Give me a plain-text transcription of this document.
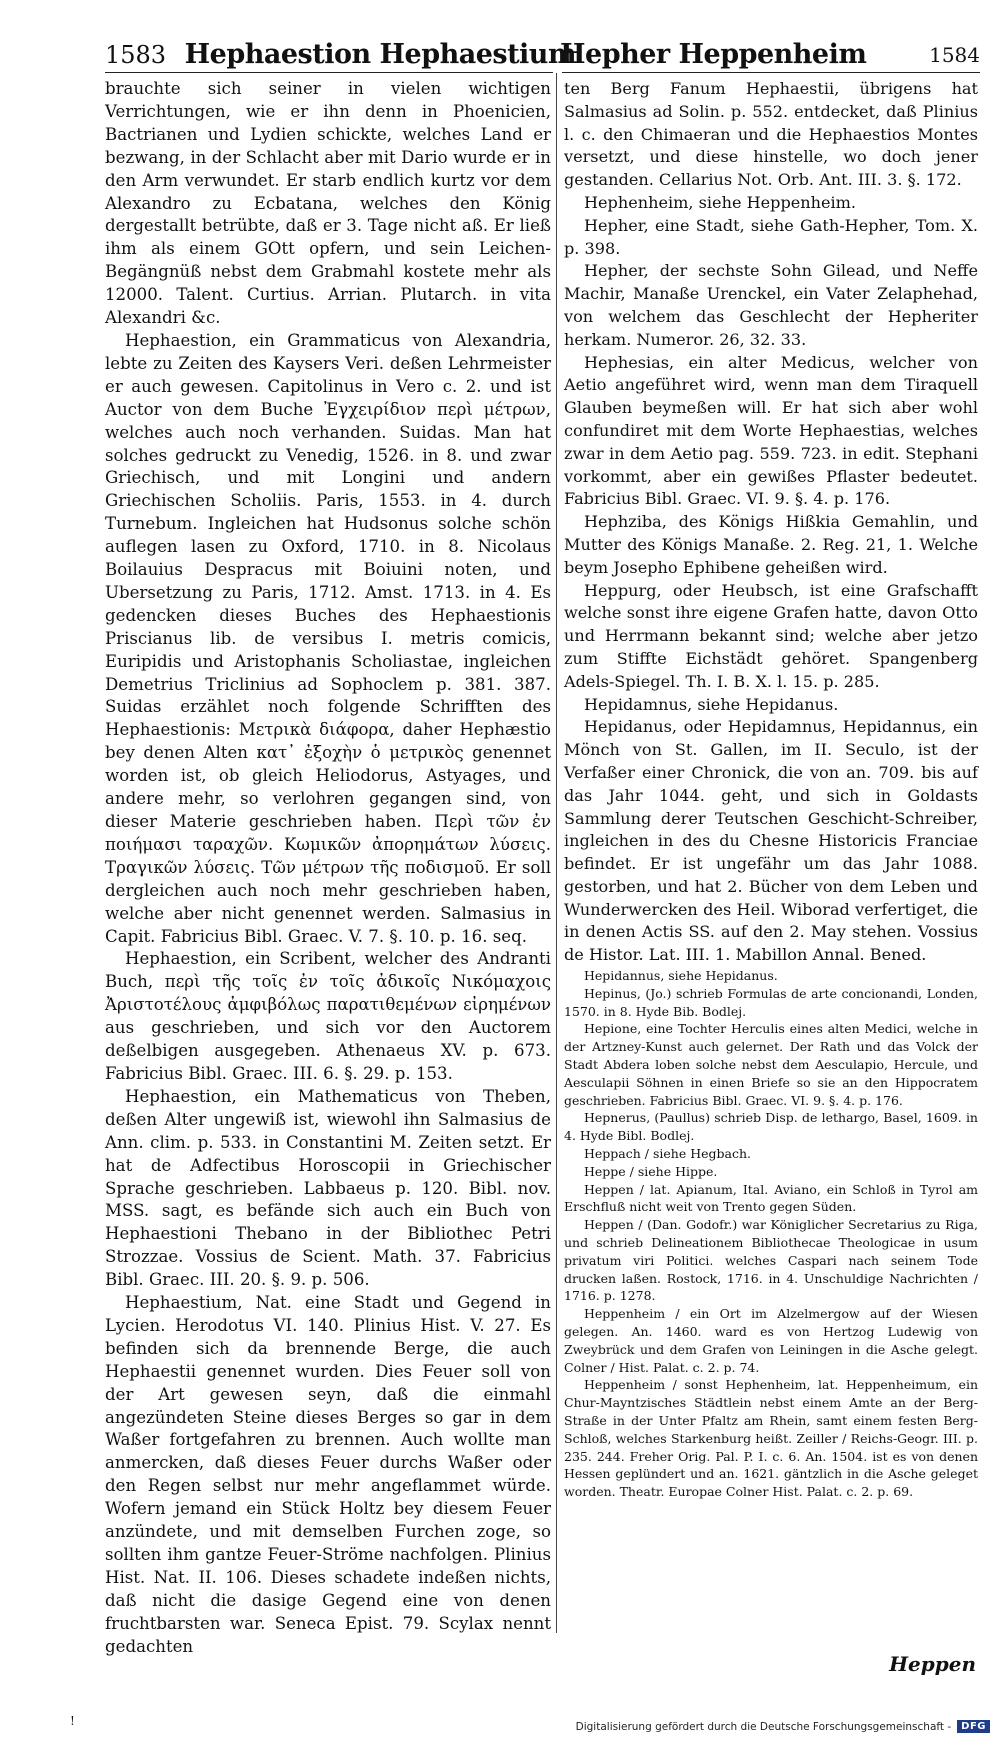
1583 Hephaestion Hephaestium
Hepher Heppenheim	1584

brauchte sich seiner in vielen wichtigen Verrichtungen, wie er ihn denn in Phoenicien, Bactrianen und Lydien schickte, welches Land er bezwang, in der Schlacht aber mit Dario wurde er in den Arm verwundet. Er starb endlich kurtz vor dem Alexandro zu Ecbatana, welches den König dergestallt betrübte, daß er 3. Tage nicht aß. Er ließ ihm als einem GOtt opfern, und sein Leichen-Begängnüß nebst dem Grabmahl kostete mehr als 12000. Talent. Curtius. Arrian. Plutarch. in vita Alexandri &c.

Hephaestion, ein Grammaticus von Alexandria, lebte zu Zeiten des Kaysers Veri. deßen Lehrmeister er auch gewesen. Capitolinus in Vero c. 2. und ist Auctor von dem Buche Ἐγχειρίδιον περὶ μέτρων, welches auch noch verhanden. Suidas. Man hat solches gedruckt zu Venedig, 1526. in 8. und zwar Griechisch, und mit Longini und andern Griechischen Scholiis. Paris, 1553. in 4. durch Turnebum. Ingleichen hat Hudsonus solche schön auflegen lasen zu Oxford, 1710. in 8. Nicolaus Boilauius Despracus mit Boiuini noten, und Ubersetzung zu Paris, 1712. Amst. 1713. in 4. Es gedencken dieses Buches des Hephaestionis Priscianus lib. de versibus I. metris comicis, Euripidis und Aristophanis Scholiastae, ingleichen Demetrius Triclinius ad Sophoclem p. 381. 387. Suidas erzählet noch folgende Schrifften des Hephaestionis: Μετρικὰ διάφορα, daher Hephæstio bey denen Alten κατ᾽ ἐξοχὴν ὁ μετρικὸς genennet worden ist, ob gleich Heliodorus, Astyages, und andere mehr, so verlohren gegangen sind, von dieser Materie geschrieben haben. Περὶ τῶν ἐν ποιήμασι ταραχῶν. Κωμικῶν ἀπορημάτων λύσεις. Τραγικῶν λύσεις. Τῶν μέτρων τῆς ποδισμοῦ. Er soll dergleichen auch noch mehr geschrieben haben, welche aber nicht genennet werden. Salmasius in Capit. Fabricius Bibl. Graec. V. 7. §. 10. p. 16. seq.

Hephaestion, ein Scribent, welcher des Andranti Buch, περὶ τῆς τοῖς ἐν τοῖς ἀδικοῖς Νικόμαχοις Ἀριστοτέλους ἀμφιβόλως παρατιθεμένων εἰρημένων aus geschrieben, und sich vor den Auctorem deßelbigen ausgegeben. Athenaeus XV. p. 673. Fabricius Bibl. Graec. III. 6. §. 29. p. 153.

Hephaestion, ein Mathematicus von Theben, deßen Alter ungewiß ist, wiewohl ihn Salmasius de Ann. clim. p. 533. in Constantini M. Zeiten setzt. Er hat de Adfectibus Horoscopii in Griechischer Sprache geschrieben. Labbaeus p. 120. Bibl. nov. MSS. sagt, es befände sich auch ein Buch von Hephaestioni Thebano in der Bibliothec Petri Strozzae. Vossius de Scient. Math. 37. Fabricius Bibl. Graec. III. 20. §. 9. p. 506.

Hephaestium, Nat. eine Stadt und Gegend in Lycien. Herodotus VI. 140. Plinius Hist. V. 27. Es befinden sich da brennende Berge, die auch Hephaestii genennet wurden. Dies Feuer soll von der Art gewesen seyn, daß die einmahl angezündeten Steine dieses Berges so gar in dem Waßer fortgefahren zu brennen. Auch wollte man anmercken, daß dieses Feuer durchs Waßer oder den Regen selbst nur mehr angeflammet würde. Wofern jemand ein Stück Holtz bey diesem Feuer anzündete, und mit demselben Furchen zoge, so sollten ihm gantze Feuer-Ströme nachfolgen. Plinius Hist. Nat. II. 106. Dieses schadete indeßen nichts, daß nicht die dasige Gegend eine von denen fruchtbarsten war. Seneca Epist. 79. Scylax nennt gedachten

ten Berg Fanum Hephaestii, übrigens hat Salmasius ad Solin. p. 552. entdecket, daß Plinius l. c. den Chimaeran und die Hephaestios Montes versetzt, und diese hinstelle, wo doch jener gestanden. Cellarius Not. Orb. Ant. III. 3. §. 172.

Hephenheim, siehe Heppenheim.

Hepher, eine Stadt, siehe Gath-Hepher, Tom. X. p. 398.

Hepher, der sechste Sohn Gilead, und Neffe Machir, Manaße Urenckel, ein Vater Zelaphehad, von welchem das Geschlecht der Hepheriter herkam. Numeror. 26, 32. 33.

Hephesias, ein alter Medicus, welcher von Aetio angeführet wird, wenn man dem Tiraquell Glauben beymeßen will. Er hat sich aber wohl confundiret mit dem Worte Hephaestias, welches zwar in dem Aetio pag. 559. 723. in edit. Stephani vorkommt, aber ein gewißes Pflaster bedeutet. Fabricius Bibl. Graec. VI. 9. §. 4. p. 176.

Hephziba, des Königs Hißkia Gemahlin, und Mutter des Königs Manaße. 2. Reg. 21, 1. Welche beym Josepho Ephibene geheißen wird.

Heppurg, oder Heubsch, ist eine Grafschafft welche sonst ihre eigene Grafen hatte, davon Otto und Herrmann bekannt sind; welche aber jetzo zum Stiffte Eichstädt gehöret. Spangenberg Adels-Spiegel. Th. I. B. X. l. 15. p. 285.

Hepidamnus, siehe Hepidanus.

Hepidanus, oder Hepidamnus, Hepidannus, ein Mönch von St. Gallen, im II. Seculo, ist der Verfaßer einer Chronick, die von an. 709. bis auf das Jahr 1044. geht, und sich in Goldasts Sammlung derer Teutschen Geschicht-Schreiber, ingleichen in des du Chesne Historicis Franciae befindet. Er ist ungefähr um das Jahr 1088. gestorben, und hat 2. Bücher von dem Leben und Wunderwercken des Heil. Wiborad verfertiget, die in denen Actis SS. auf den 2. May stehen. Vossius de Histor. Lat. III. 1. Mabillon Annal. Bened.

Hepidannus, siehe Hepidanus.

Hepinus, (Jo.) schrieb Formulas de arte concionandi, Londen, 1570. in 8. Hyde Bib. Bodlej.

Hepione, eine Tochter Herculis eines alten Medici, welche in der Artzney-Kunst auch gelernet. Der Rath und das Volck der Stadt Abdera loben solche nebst dem Aesculapio, Hercule, und Aesculapii Söhnen in einen Briefe so sie an den Hippocratem geschrieben. Fabricius Bibl. Graec. VI. 9. §. 4. p. 176.

Hepnerus, (Paullus) schrieb Disp. de lethargo, Basel, 1609. in 4. Hyde Bibl. Bodlej.

Heppach / siehe Hegbach.

Heppe / siehe Hippe.

Heppen / lat. Apianum, Ital. Aviano, ein Schloß in Tyrol am Erschfluß nicht weit von Trento gegen Süden.

Heppen / (Dan. Godofr.) war Königlicher Secretarius zu Riga, und schrieb Delineationem Bibliothecae Theologicae in usum privatum viri Politici. welches Caspari nach seinem Tode drucken laßen. Rostock, 1716. in 4. Unschuldige Nachrichten / 1716. p. 1278.

Heppenheim / ein Ort im Alzelmergow auf der Wiesen gelegen. An. 1460. ward es von Hertzog Ludewig von Zweybrück und dem Grafen von Leiningen in die Asche gelegt. Colner / Hist. Palat. c. 2. p. 74.

Heppenheim / sonst Hephenheim, lat. Heppenheimum, ein Chur-Mayntzisches Städtlein nebst einem Amte an der Berg-Straße in der Unter Pfaltz am Rhein, samt einem festen Berg-Schloß, welches Starkenburg heißt. Zeiller / Reichs-Geogr. III. p. 235. 244. Freher Orig. Pal. P. I. c. 6. An. 1504. ist es von denen Hessen geplündert und an. 1621. gäntzlich in die Asche geleget worden. Theatr. Europae Colner Hist. Palat. c. 2. p. 69.

Heppen
!	Digitalisierung gefördert durch die Deutsche Forschungsgemeinschaft -	DFG
